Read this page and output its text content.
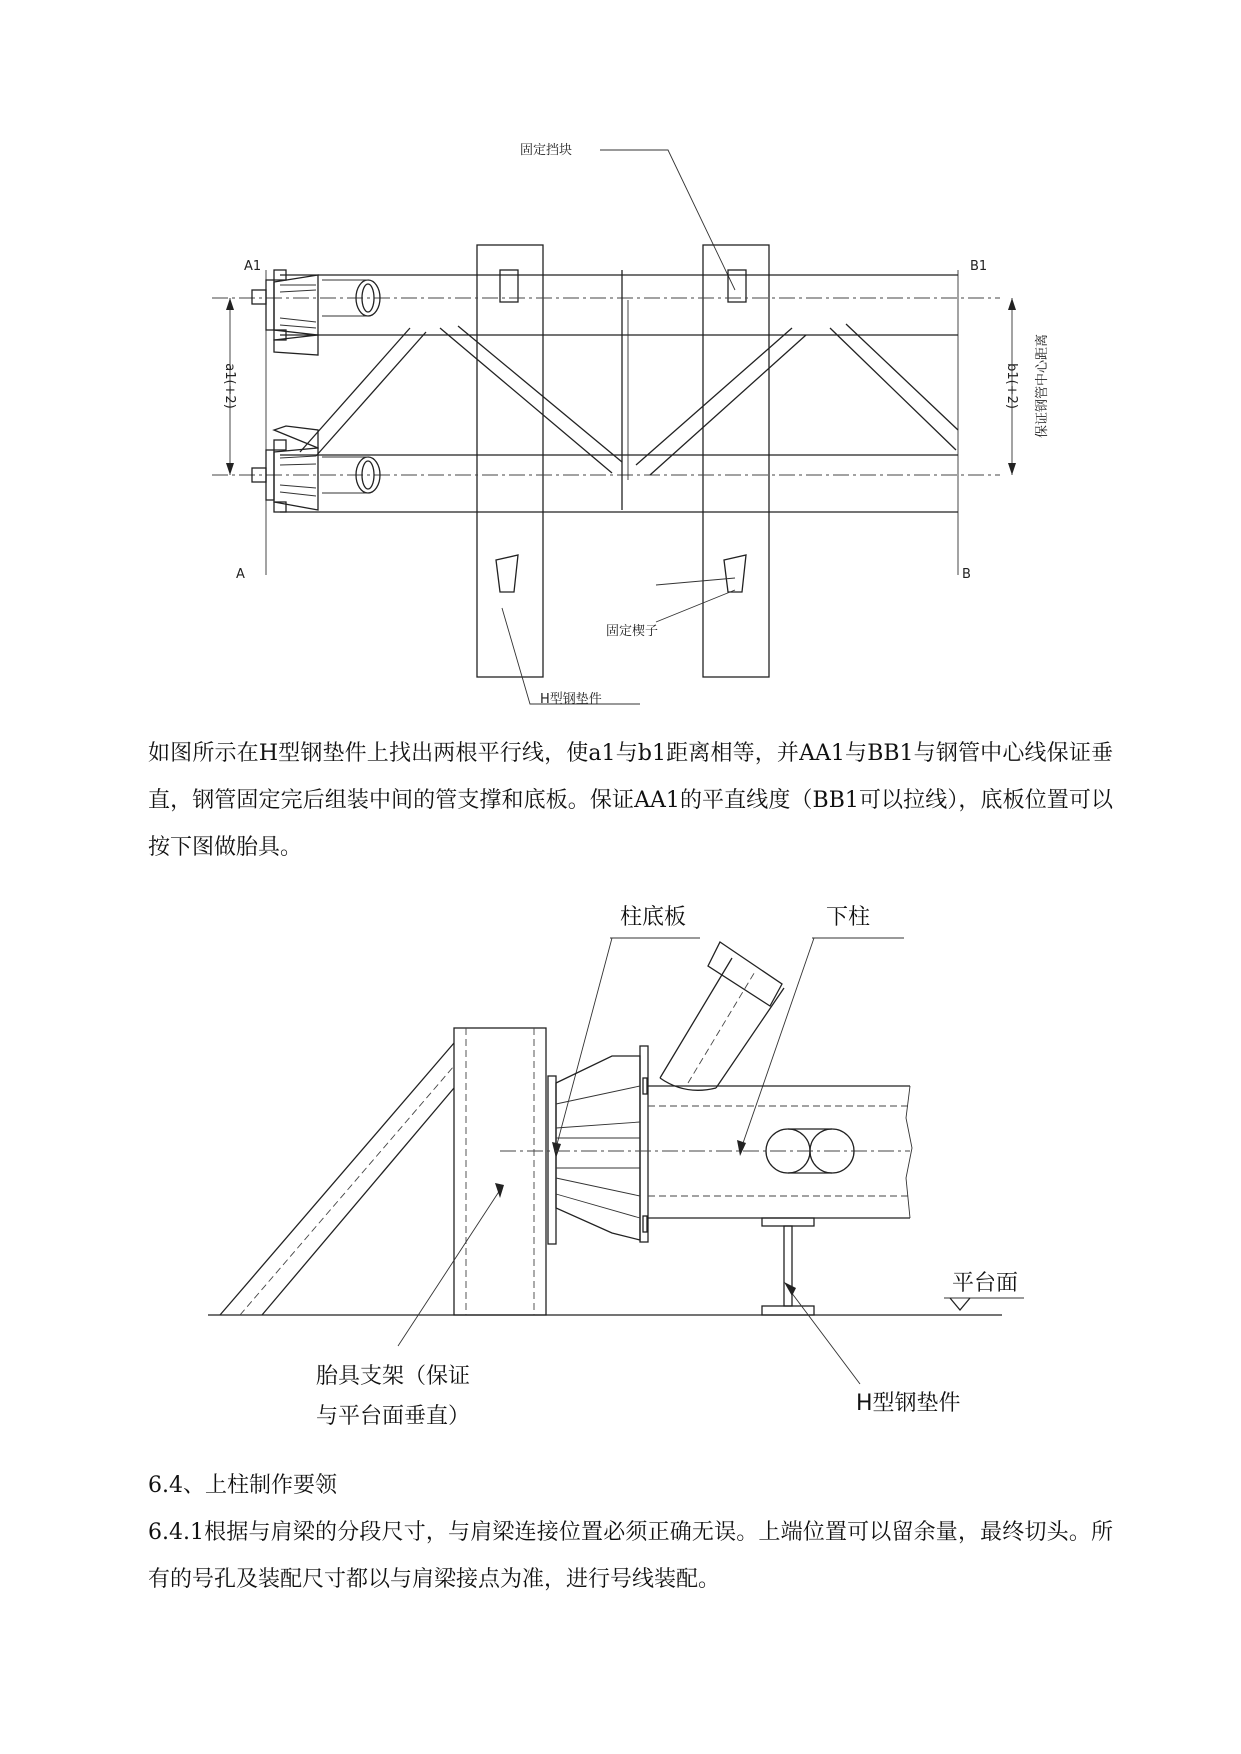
固定挡块
A1	B1
A	B
a1(+2)	b1(+2) 保证钢管中心距离
固定楔子
H型钢垫件

如图所示在H型钢垫件上找出两根平行线，使a1与b1距离相等，并AA1与BB1与钢管中心线保证垂直，钢管固定完后组装中间的管支撑和底板。保证AA1的平直线度（BB1可以拉线），底板位置可以按下图做胎具。

柱底板	下柱
平台面
H型钢垫件
胎具支架（保证
与平台面垂直）

6.4、上柱制作要领

6.4.1根据与肩梁的分段尺寸，与肩梁连接位置必须正确无误。上端位置可以留余量，最终切头。所有的号孔及装配尺寸都以与肩梁接点为准，进行号线装配。
